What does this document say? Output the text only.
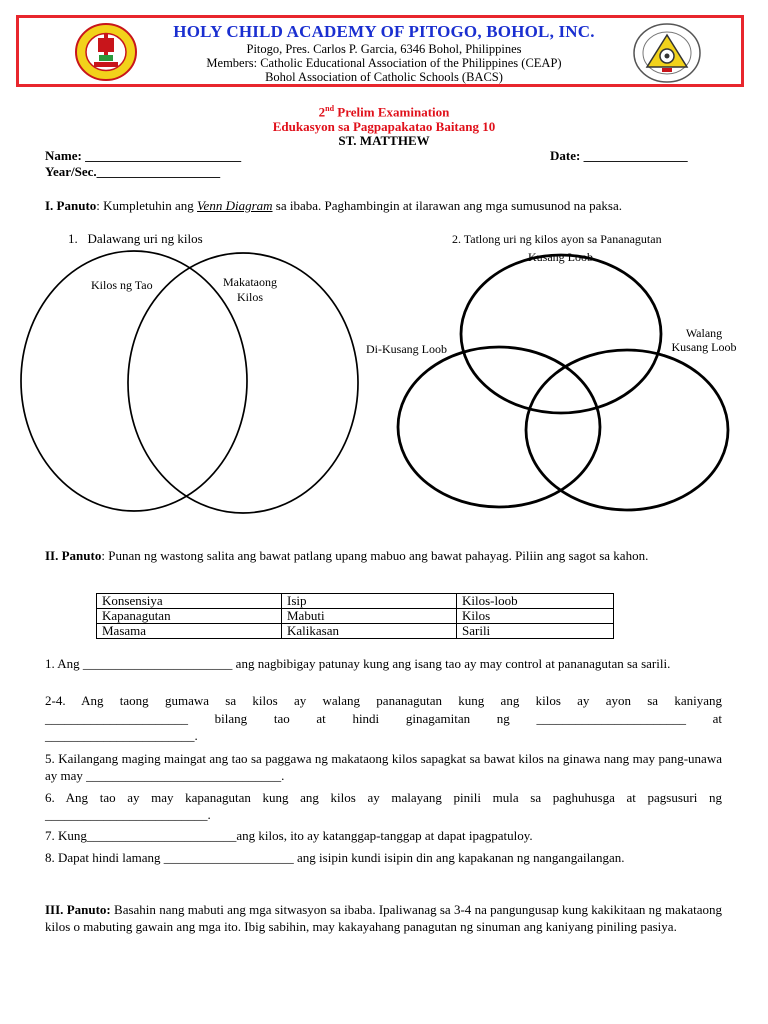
HOLY CHILD ACADEMY OF PITOGO, BOHOL, INC.
Pitogo, Pres. Carlos P. Garcia, 6346 Bohol, Philippines
Members: Catholic Educational Association of the Philippines (CEAP)
Bohol Association of Catholic Schools (BACS)
2nd Prelim Examination
Edukasyon sa Pagpapakatao Baitang 10
ST. MATTHEW
Name: ________________________	Date: ________________
Year/Sec.___________________
I. Panuto: Kumpletuhin ang Venn Diagram sa ibaba. Paghambingin at ilarawan ang mga sumusunod na paksa.
1. Dalawang uri ng kilos	2. Tatlong uri ng kilos ayon sa Pananagutan
Kilos ng Tao	Makataong
Kilos
Kusang Loob
Di-Kusang Loob
Walang
Kusang Loob
II. Panuto: Punan ng wastong salita ang bawat patlang upang mabuo ang bawat pahayag. Piliin ang sagot sa kahon.
Konsensiya	Isip	Kilos-loob
Kapanagutan	Mabuti	Kilos
Masama	Kalikasan	Sarili
1. Ang _______________________ ang nagbibigay patunay kung ang isang tao ay may control at pananagutan sa sarili.
2-4. Ang taong gumawa sa kilos ay walang pananagutan kung ang kilos ay ayon sa kaniyang
______________________ bilang tao at hindi ginagamitan ng _______________________ at
_______________________.
5. Kailangang maging maingat ang tao sa paggawa ng makataong kilos sapagkat sa bawat kilos na ginawa nang may pang-unawa ay may ______________________________.
6. Ang tao ay may kapanagutan kung ang kilos ay malayang pinili mula sa paghuhusga at pagsusuri ng _________________________.
7. Kung_______________________ang kilos, ito ay katanggap-tanggap at dapat ipagpatuloy.
8. Dapat hindi lamang ____________________ ang isipin kundi isipin din ang kapakanan ng nangangailangan.
III. Panuto: Basahin nang mabuti ang mga sitwasyon sa ibaba. Ipaliwanag sa 3-4 na pangungusap kung kakikitaan ng makataong kilos o mabuting gawain ang mga ito. Ibig sabihin, may kakayahang panagutan ng sinuman ang kaniyang piniling pasiya.
